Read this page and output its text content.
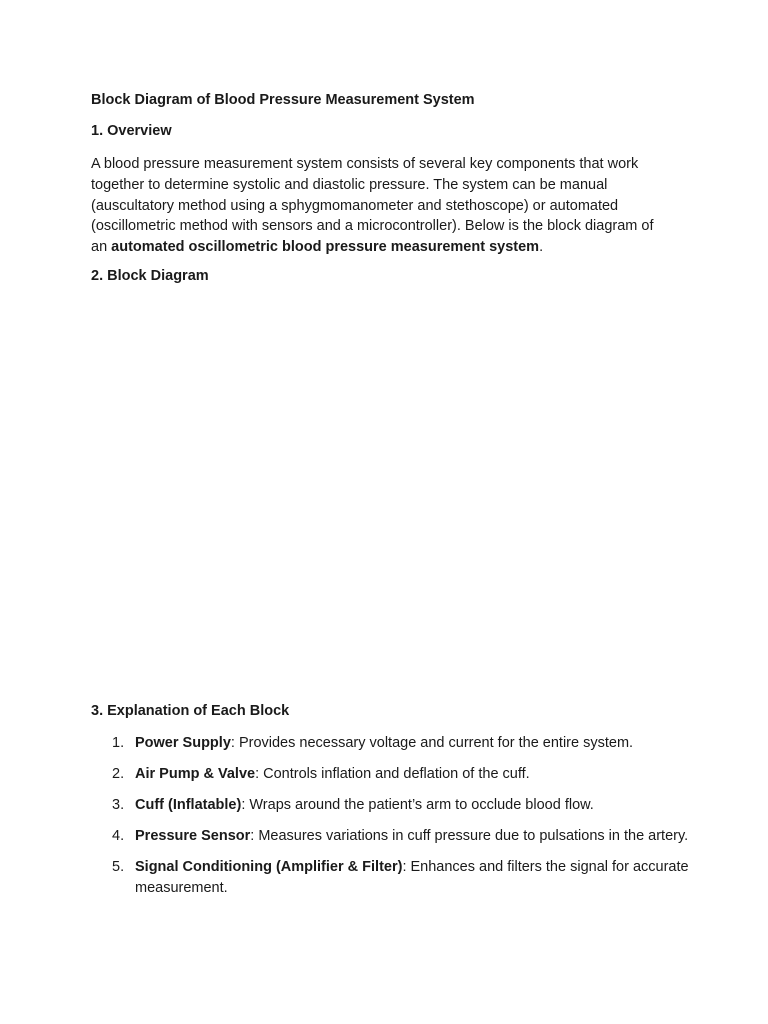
Block Diagram of Blood Pressure Measurement System

1. Overview

A blood pressure measurement system consists of several key components that work
together to determine systolic and diastolic pressure. The system can be manual
(auscultatory method using a sphygmomanometer and stethoscope) or automated
(oscillometric method with sensors and a microcontroller). Below is the block diagram of
an automated oscillometric blood pressure measurement system.

2. Block Diagram

3. Explanation of Each Block

1. Power Supply: Provides necessary voltage and current for the entire system.
2. Air Pump & Valve: Controls inflation and deflation of the cuff.
3. Cuff (Inflatable): Wraps around the patient’s arm to occlude blood flow.
4. Pressure Sensor: Measures variations in cuff pressure due to pulsations in the artery.
5. Signal Conditioning (Amplifier & Filter): Enhances and filters the signal for accurate measurement.
